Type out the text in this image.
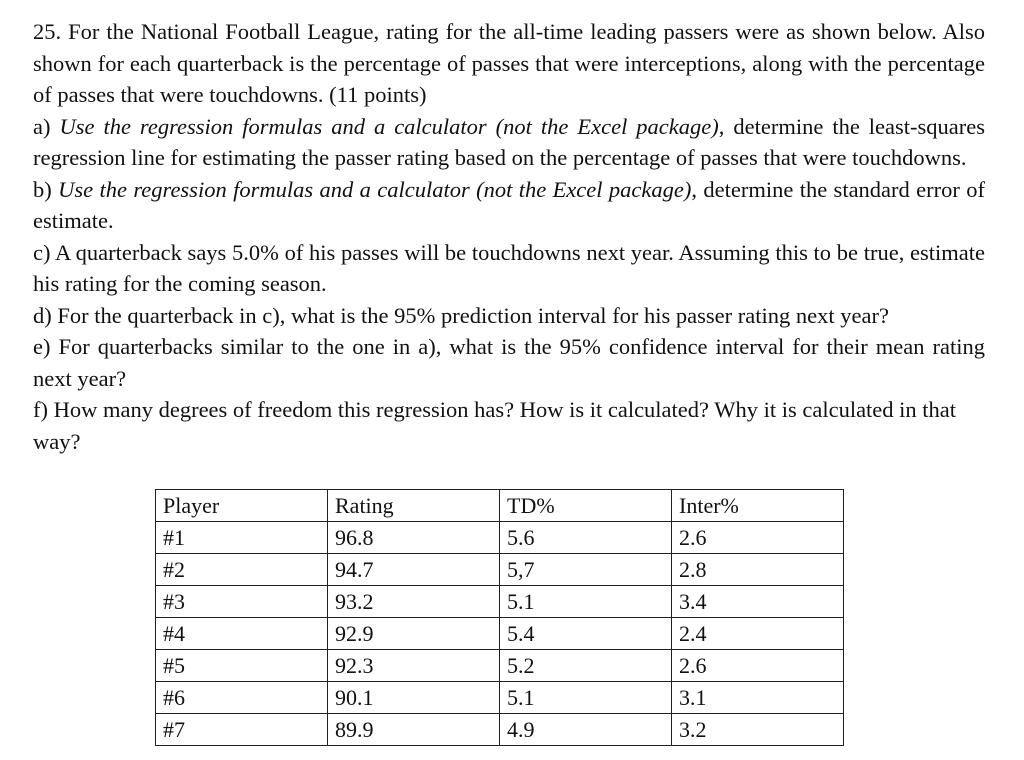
25. For the National Football League, rating for the all-time leading passers were as shown below. Also shown for each quarterback is the percentage of passes that were interceptions, along with the percentage of passes that were touchdowns. (11 points)

a) Use the regression formulas and a calculator (not the Excel package), determine the least-squares regression line for estimating the passer rating based on the percentage of passes that were touchdowns.

b) Use the regression formulas and a calculator (not the Excel package), determine the standard error of estimate.

c) A quarterback says 5.0% of his passes will be touchdowns next year. Assuming this to be true, estimate his rating for the coming season.

d) For the quarterback in c), what is the 95% prediction interval for his passer rating next year?

e) For quarterbacks similar to the one in a), what is the 95% confidence interval for their mean rating next year?

f) How many degrees of freedom this regression has? How is it calculated? Why it is calculated in that way?

Player	Rating	TD%	Inter%
#1	96.8	5.6	2.6
#2	94.7	5,7	2.8
#3	93.2	5.1	3.4
#4	92.9	5.4	2.4
#5	92.3	5.2	2.6
#6	90.1	5.1	3.1
#7	89.9	4.9	3.2
